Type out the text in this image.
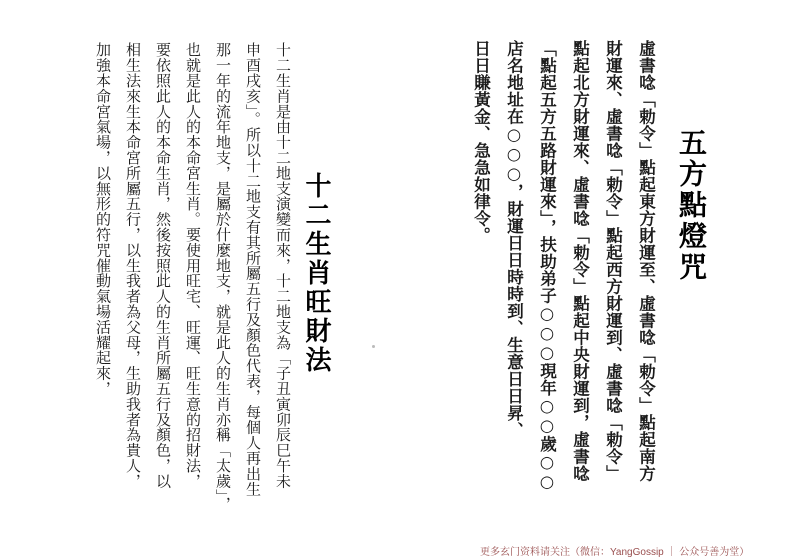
五方點燈咒
虛書唸「勅令」點起東方財運至、虛書唸「勅令」點起南方
財運來、虛書唸「勅令」點起西方財運到、虛書唸「勅令」
點起北方財運來、虛書唸「勅令」點起中央財運到，虛書唸
「點起五方五路財運來」，扶助弟子○○○現年○○歲○○
店名地址在○○○，財運日日時時到、生意日日昇、
日日賺黃金、急急如律令。
十二生肖旺財法
十二生肖是由十二地支演變而來，十二地支為「子丑寅卯辰巳午未
申酉戌亥」。所以十二地支有其所屬五行及顏色代表，每個人再出生
那一年的流年地支，是屬於什麼地支，就是此人的生肖亦稱「太歲」，
也就是此人的本命宮生肖。要使用旺宅、旺運、旺生意的招財法，
要依照此人的本命生肖，然後按照此人的生肖所屬五行及顏色，以
相生法來生本命宮所屬五行，以生我者為父母，生助我者為貴人，
加強本命宮氣場，以無形的符咒催動氣場活耀起來，
更多玄门资料请关注（微信：YangGossip ｜ 公众号善为堂）
